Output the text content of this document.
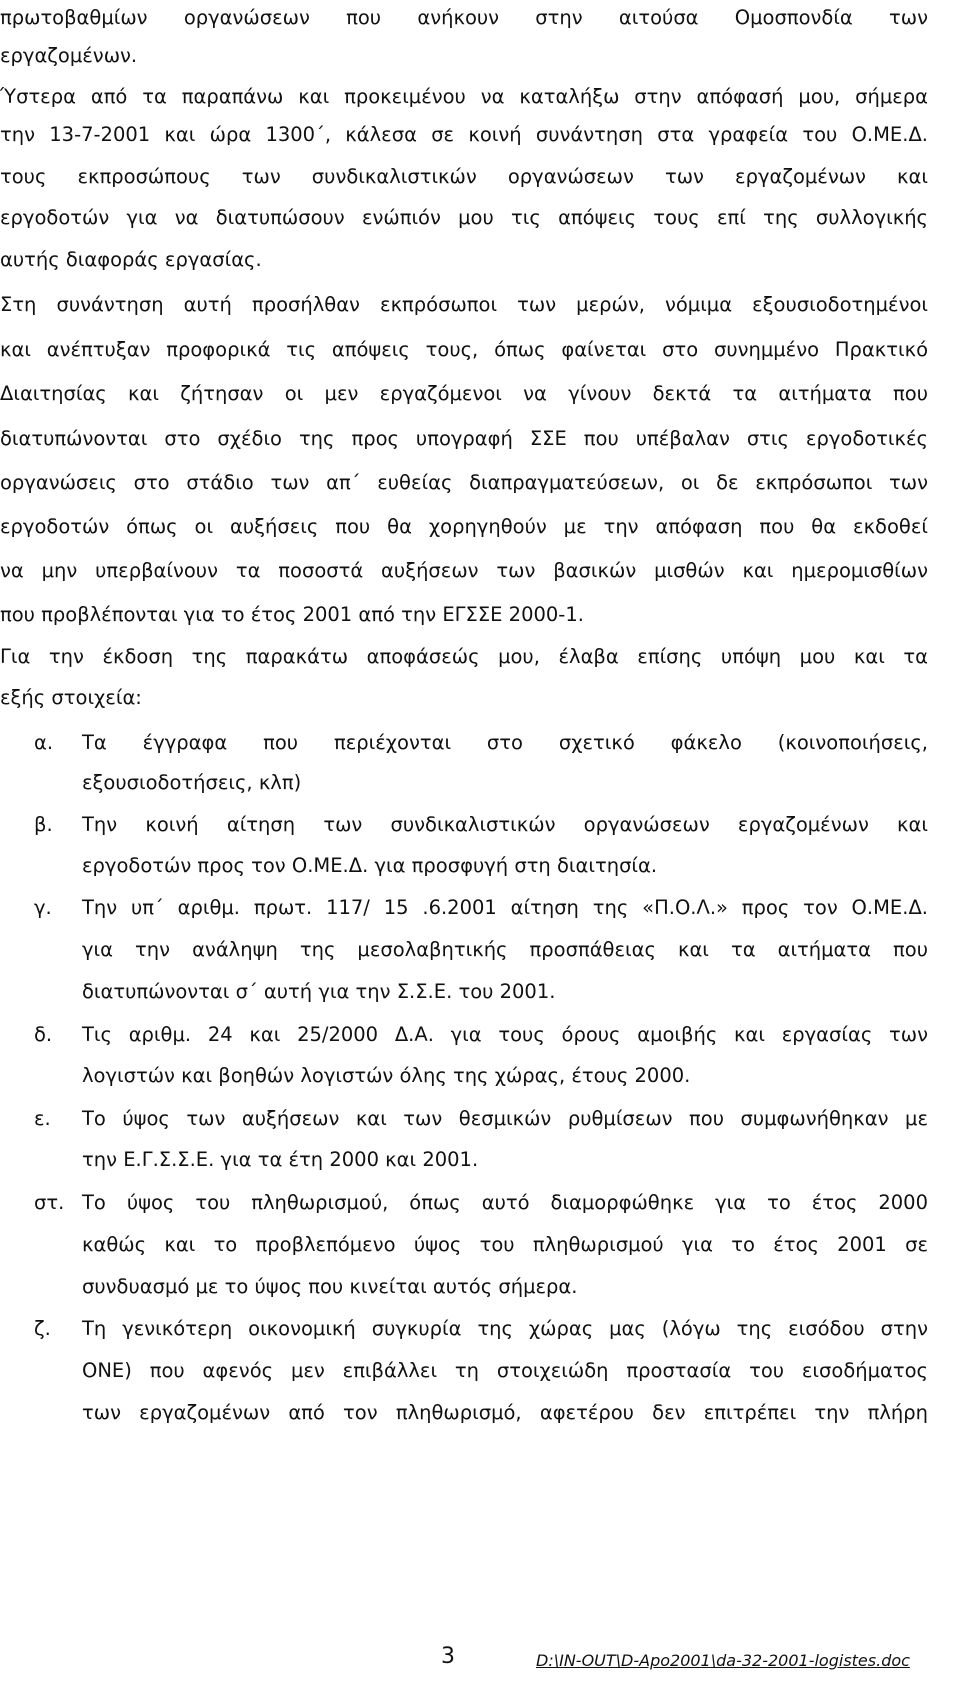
πρωτοβαθμίων οργανώσεων που ανήκουν στην αιτούσα Ομοσπονδία των
εργαζομένων.
Ύστερα από τα παραπάνω και προκειμένου να καταλήξω στην απόφασή μου, σήμερα
την 13-7-2001 και ώρα 1300΄, κάλεσα σε κοινή συνάντηση στα γραφεία του Ο.ΜΕ.Δ.
τους εκπροσώπους των συνδικαλιστικών οργανώσεων των εργαζομένων και
εργοδοτών για να διατυπώσουν ενώπιόν μου τις απόψεις τους επί της συλλογικής
αυτής διαφοράς εργασίας.
Στη συνάντηση αυτή προσήλθαν εκπρόσωποι των μερών, νόμιμα εξουσιοδοτημένοι
και ανέπτυξαν προφορικά τις απόψεις τους, όπως φαίνεται στο συνημμένο Πρακτικό
Διαιτησίας και ζήτησαν οι μεν εργαζόμενοι να γίνουν δεκτά τα αιτήματα που
διατυπώνονται στο σχέδιο της προς υπογραφή ΣΣΕ που υπέβαλαν στις εργοδοτικές
οργανώσεις στο στάδιο των απ΄ ευθείας διαπραγματεύσεων, οι δε εκπρόσωποι των
εργοδοτών όπως οι αυξήσεις που θα χορηγηθούν με την απόφαση που θα εκδοθεί
να μην υπερβαίνουν τα ποσοστά αυξήσεων των βασικών μισθών και ημερομισθίων
που προβλέπονται για το έτος 2001 από την ΕΓΣΣΕ 2000-1.
Για την έκδοση της παρακάτω αποφάσεώς μου, έλαβα επίσης υπόψη μου και τα
εξής στοιχεία:
α. Τα έγγραφα που περιέχονται στο σχετικό φάκελο (κοινοποιήσεις,
εξουσιοδοτήσεις, κλπ)
β. Την κοινή αίτηση των συνδικαλιστικών οργανώσεων εργαζομένων και
εργοδοτών προς τον Ο.ΜΕ.Δ. για προσφυγή στη διαιτησία.
γ. Την υπ΄ αριθμ. πρωτ. 117/ 15 .6.2001 αίτηση της «Π.Ο.Λ.» προς τον Ο.ΜΕ.Δ.
για την ανάληψη της μεσολαβητικής προσπάθειας και τα αιτήματα που
διατυπώνονται σ΄ αυτή για την Σ.Σ.Ε. του 2001.
δ. Τις αριθμ. 24 και 25/2000 Δ.Α. για τους όρους αμοιβής και εργασίας των
λογιστών και βοηθών λογιστών όλης της χώρας, έτους 2000.
ε. Το ύψος των αυξήσεων και των θεσμικών ρυθμίσεων που συμφωνήθηκαν με
την Ε.Γ.Σ.Σ.Ε. για τα έτη 2000 και 2001.
στ. Το ύψος του πληθωρισμού, όπως αυτό διαμορφώθηκε για το έτος 2000
καθώς και το προβλεπόμενο ύψος του πληθωρισμού για το έτος 2001 σε
συνδυασμό με το ύψος που κινείται αυτός σήμερα.
ζ. Τη γενικότερη οικονομική συγκυρία της χώρας μας (λόγω της εισόδου στην
ΟΝΕ) που αφενός μεν επιβάλλει τη στοιχειώδη προστασία του εισοδήματος
των εργαζομένων από τον πληθωρισμό, αφετέρου δεν επιτρέπει την πλήρη
3	D:\IN-OUT\D-Apo2001\da-32-2001-logistes.doc
